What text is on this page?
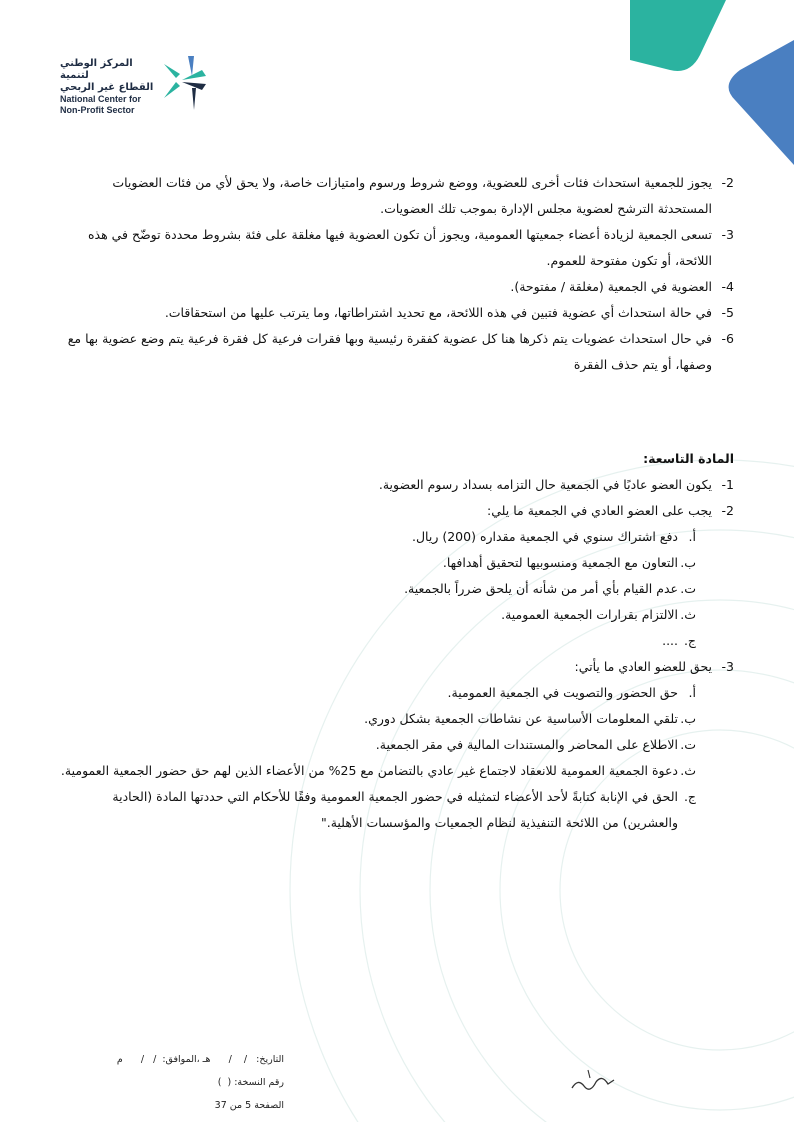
المركز الوطني لتنمية
القطاع غير الربحي
National Center for
Non-Profit Sector
-2
يجوز للجمعية استحداث فئات أخرى للعضوية، ووضع شروط ورسوم وامتيازات خاصة، ولا يحق لأي من فئات العضويات المستحدثة الترشح لعضوية مجلس الإدارة بموجب تلك العضويات.
-3
تسعى الجمعية لزيادة أعضاء جمعيتها العمومية، ويجوز أن تكون العضوية فيها مغلقة على فئة بشروط محددة توضّح في هذه اللائحة، أو تكون مفتوحة للعموم.
-4
العضوية في الجمعية (مغلقة / مفتوحة).
-5
في حالة استحداث أي عضوية فتبين في هذه اللائحة، مع تحديد اشتراطاتها، وما يترتب عليها من استحقاقات.
-6
في حال استحداث عضويات يتم ذكرها هنا كل عضوية كفقرة رئيسية وبها فقرات فرعية كل فقرة فرعية يتم وضع عضوية بها مع وصفها، أو يتم حذف الفقرة
المادة التاسعة:
-1
يكون العضو عاديًا في الجمعية حال التزامه بسداد رسوم العضوية.
-2
يجب على العضو العادي في الجمعية ما يلي:
أ.
دفع اشتراك سنوي في الجمعية مقداره (200) ريال.
ب.
التعاون مع الجمعية ومنسوبيها لتحقيق أهدافها.
ت.
عدم القيام بأي أمر من شأنه أن يلحق ضرراً بالجمعية.
ث.
الالتزام بقرارات الجمعية العمومية.
ج.
....
-3
يحق للعضو العادي ما يأتي:
أ.
حق الحضور والتصويت في الجمعية العمومية.
ب.
تلقي المعلومات الأساسية عن نشاطات الجمعية بشكل دوري.
ت.
الاطلاع على المحاضر والمستندات المالية في مقر الجمعية.
ث.
دعوة الجمعية العمومية للانعقاد لاجتماع غير عادي بالتضامن مع 25% من الأعضاء الذين لهم حق حضور الجمعية العمومية.
ج.
الحق في الإنابة كتابةً لأحد الأعضاء لتمثيله في حضور الجمعية العمومية وفقًا للأحكام التي حددتها المادة (الحادية والعشرين) من اللائحة التنفيذية لنظام الجمعيات والمؤسسات الأهلية."
التاريخ:   /    /      هـ ،الموافق:  /   /      م
رقم النسخة: (  )
الصفحة 5 من 37
